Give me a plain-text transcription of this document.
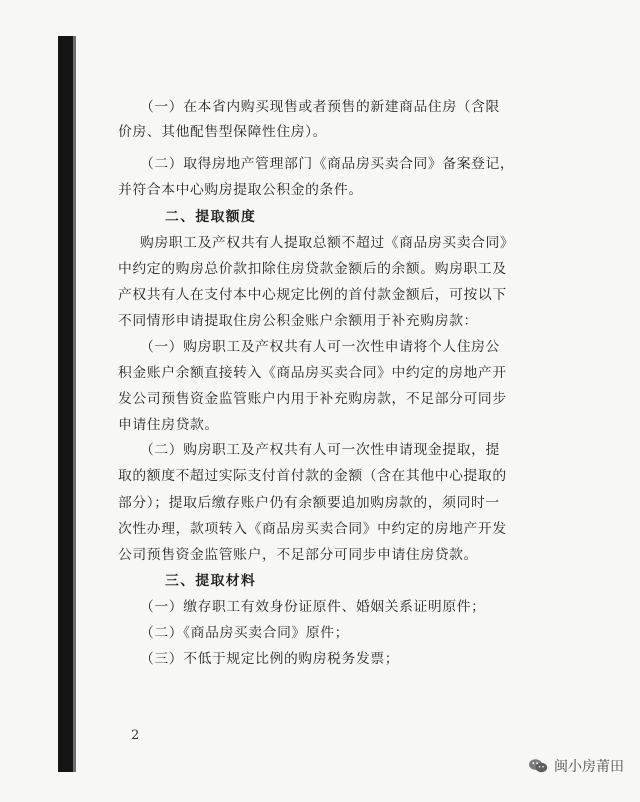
（一）在本省内购买现售或者预售的新建商品住房（含限
价房、其他配售型保障性住房）。
（二）取得房地产管理部门《商品房买卖合同》备案登记，
并符合本中心购房提取公积金的条件。
二、提取额度
购房职工及产权共有人提取总额不超过《商品房买卖合同》
中约定的购房总价款扣除住房贷款金额后的余额。购房职工及
产权共有人在支付本中心规定比例的首付款金额后，可按以下
不同情形申请提取住房公积金账户余额用于补充购房款：
（一）购房职工及产权共有人可一次性申请将个人住房公
积金账户余额直接转入《商品房买卖合同》中约定的房地产开
发公司预售资金监管账户内用于补充购房款，不足部分可同步
申请住房贷款。
（二）购房职工及产权共有人可一次性申请现金提取，提
取的额度不超过实际支付首付款的金额（含在其他中心提取的
部分）；提取后缴存账户仍有余额要追加购房款的，须同时一
次性办理，款项转入《商品房买卖合同》中约定的房地产开发
公司预售资金监管账户，不足部分可同步申请住房贷款。
三、提取材料
（一）缴存职工有效身份证原件、婚姻关系证明原件；
（二）《商品房买卖合同》原件；
（三）不低于规定比例的购房税务发票；
2
闽小房莆田
